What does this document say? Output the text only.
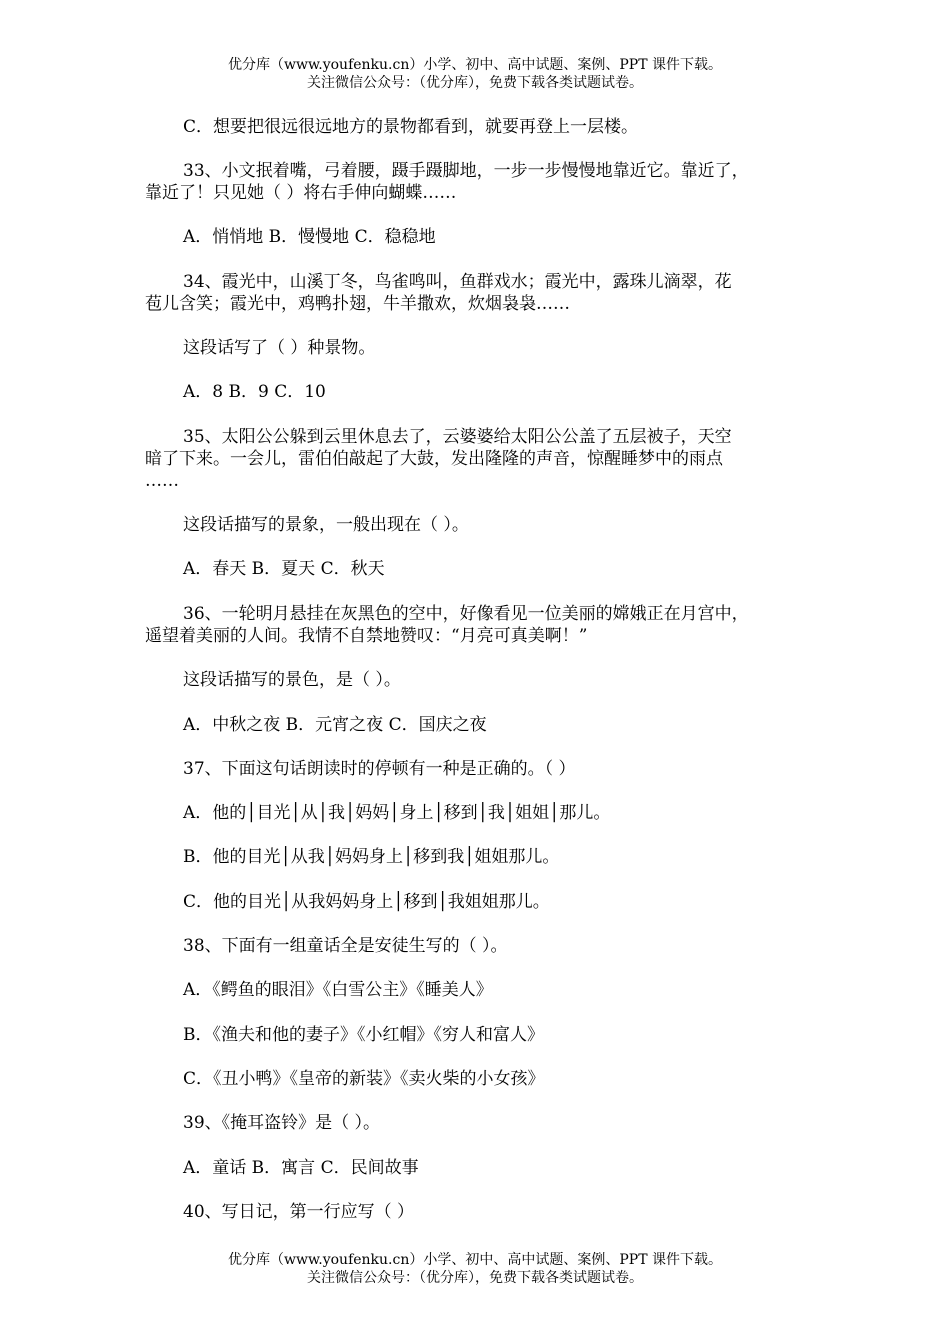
优分库（www.youfenku.cn）小学、初中、高中试题、案例、PPT 课件下载。
关注微信公众号：（优分库），免费下载各类试题试卷。
C．想要把很远很远地方的景物都看到，就要再登上一层楼。
33、小文抿着嘴，弓着腰，蹑手蹑脚地，一步一步慢慢地靠近它。靠近了，
靠近了！只见她（ ）将右手伸向蝴蝶……
A．悄悄地 B．慢慢地 C．稳稳地
34、霞光中，山溪丁冬，鸟雀鸣叫，鱼群戏水；霞光中，露珠儿滴翠，花
苞儿含笑；霞光中，鸡鸭扑翅，牛羊撒欢，炊烟袅袅……
这段话写了（ ）种景物。
A．8 B．9 C．10
35、太阳公公躲到云里休息去了，云婆婆给太阳公公盖了五层被子，天空
暗了下来。一会儿，雷伯伯敲起了大鼓，发出隆隆的声音，惊醒睡梦中的雨点
……
这段话描写的景象，一般出现在（ ）。
A．春天 B．夏天 C．秋天
36、一轮明月悬挂在灰黑色的空中，好像看见一位美丽的嫦娥正在月宫中，
遥望着美丽的人间。我情不自禁地赞叹：“月亮可真美啊！”
这段话描写的景色，是（ ）。
A．中秋之夜 B．元宵之夜 C．国庆之夜
37、下面这句话朗读时的停顿有一种是正确的。（ ）
A．他的│目光│从│我│妈妈│身上│移到│我│姐姐│那儿。
B．他的目光│从我│妈妈身上│移到我│姐姐那儿。
C．他的目光│从我妈妈身上│移到│我姐姐那儿。
38、下面有一组童话全是安徒生写的（ ）。
A．《鳄鱼的眼泪》《白雪公主》《睡美人》
B．《渔夫和他的妻子》《小红帽》《穷人和富人》
C．《丑小鸭》《皇帝的新装》《卖火柴的小女孩》
39、《掩耳盗铃》是（ ）。
A．童话 B．寓言 C．民间故事
40、写日记，第一行应写（ ）
优分库（www.youfenku.cn）小学、初中、高中试题、案例、PPT 课件下载。
关注微信公众号：（优分库），免费下载各类试题试卷。
